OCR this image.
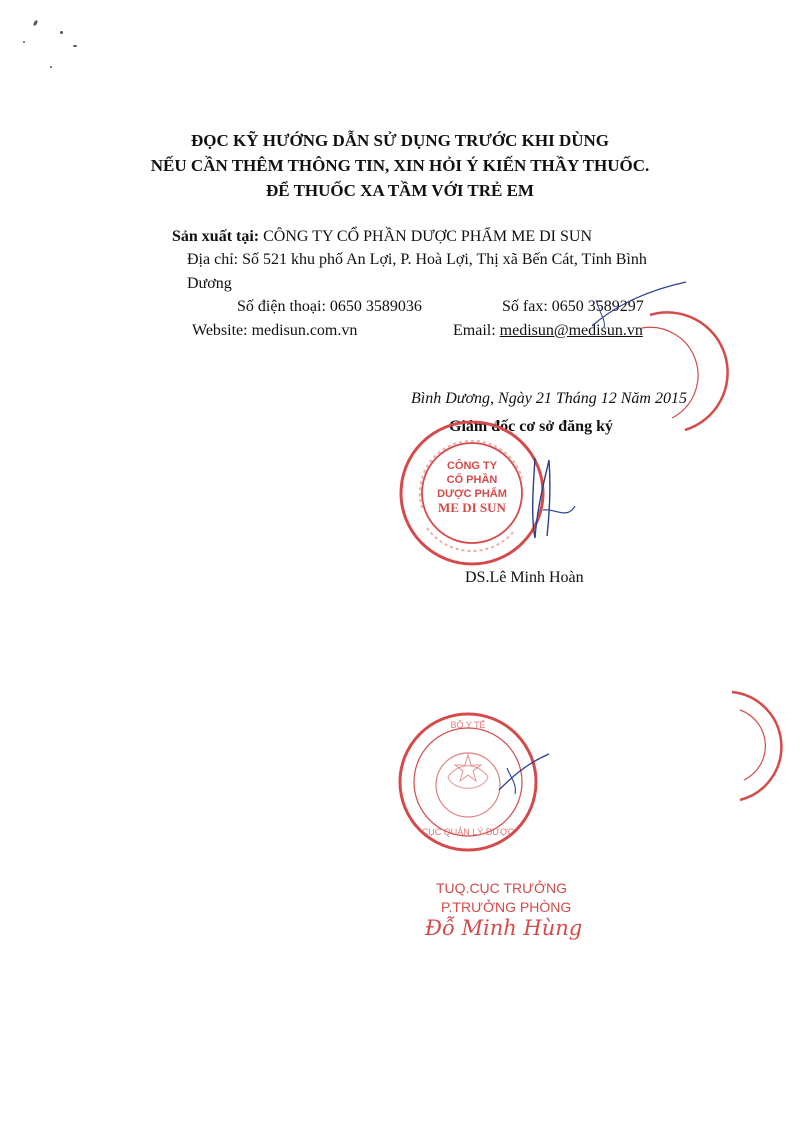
ĐỌC KỸ HƯỚNG DẪN SỬ DỤNG TRƯỚC KHI DÙNG
NẾU CẦN THÊM THÔNG TIN, XIN HỎI Ý KIẾN THẦY THUỐC.
ĐỂ THUỐC XA TẦM VỚI TRẺ EM
Sản xuất tại: CÔNG TY CỔ PHẦN DƯỢC PHẨM ME DI SUN
Địa chỉ: Số 521 khu phố An Lợi, P. Hoà Lợi, Thị xã Bến Cát, Tỉnh Bình
Dương
Số điện thoại: 0650 3589036	Số fax: 0650 3589297
Website: medisun.com.vn	Email: medisun@medisun.vn
Bình Dương, Ngày 21 Tháng 12 Năm 2015
Giám đốc cơ sở đăng ký
CÔNG TY
CỔ PHẦN
DƯỢC PHẨM
ME DI SUN
DS.Lê Minh Hoàn
BỘ Y TẾ
CỤC QUẢN LÝ DƯỢC
TUQ.CỤC TRƯỞNG
P.TRƯỞNG PHÒNG
Đỗ Minh Hùng
